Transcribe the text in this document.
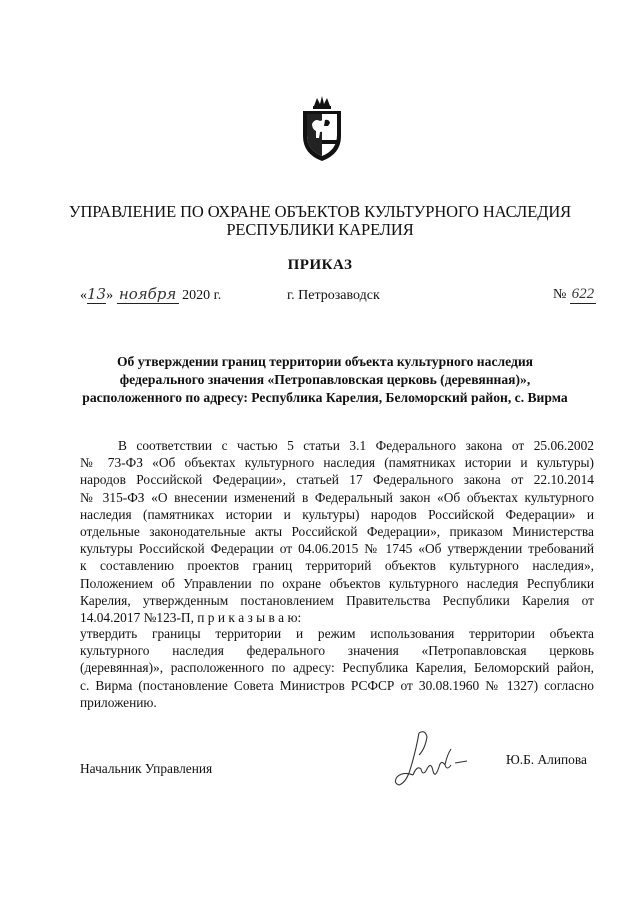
УПРАВЛЕНИЕ ПО ОХРАНЕ ОБЪЕКТОВ КУЛЬТУРНОГО НАСЛЕДИЯ
РЕСПУБЛИКИ КАРЕЛИЯ
ПРИКАЗ
«13» ноября 2020 г.	г. Петрозаводск	№ 622
Об утверждении границ территории объекта культурного наследия
федерального значения «Петропавловская церковь (деревянная)»,
расположенного по адресу: Республика Карелия, Беломорский район, с. Вирма
В соответствии с частью 5 статьи 3.1 Федерального закона от 25.06.2002
№ 73-ФЗ «Об объектах культурного наследия (памятниках истории и культуры)
народов Российской Федерации», статьей 17 Федерального закона от 22.10.2014
№ 315-ФЗ «О внесении изменений в Федеральный закон «Об объектах культурного
наследия (памятниках истории и культуры) народов Российской Федерации» и
отдельные законодательные акты Российской Федерации», приказом Министерства
культуры Российской Федерации от 04.06.2015 № 1745 «Об утверждении требований
к составлению проектов границ территорий объектов культурного наследия»,
Положением об Управлении по охране объектов культурного наследия Республики
Карелия, утвержденным постановлением Правительства Республики Карелия от
14.04.2017 №123-П, п р и к а з ы в а ю:
утвердить границы территории и режим использования территории объекта
культурного наследия федерального значения «Петропавловская церковь
(деревянная)», расположенного по адресу: Республика Карелия, Беломорский район,
с. Вирма (постановление Совета Министров РСФСР от 30.08.1960 № 1327) согласно
приложению.
Начальник Управления
Ю.Б. Алипова
